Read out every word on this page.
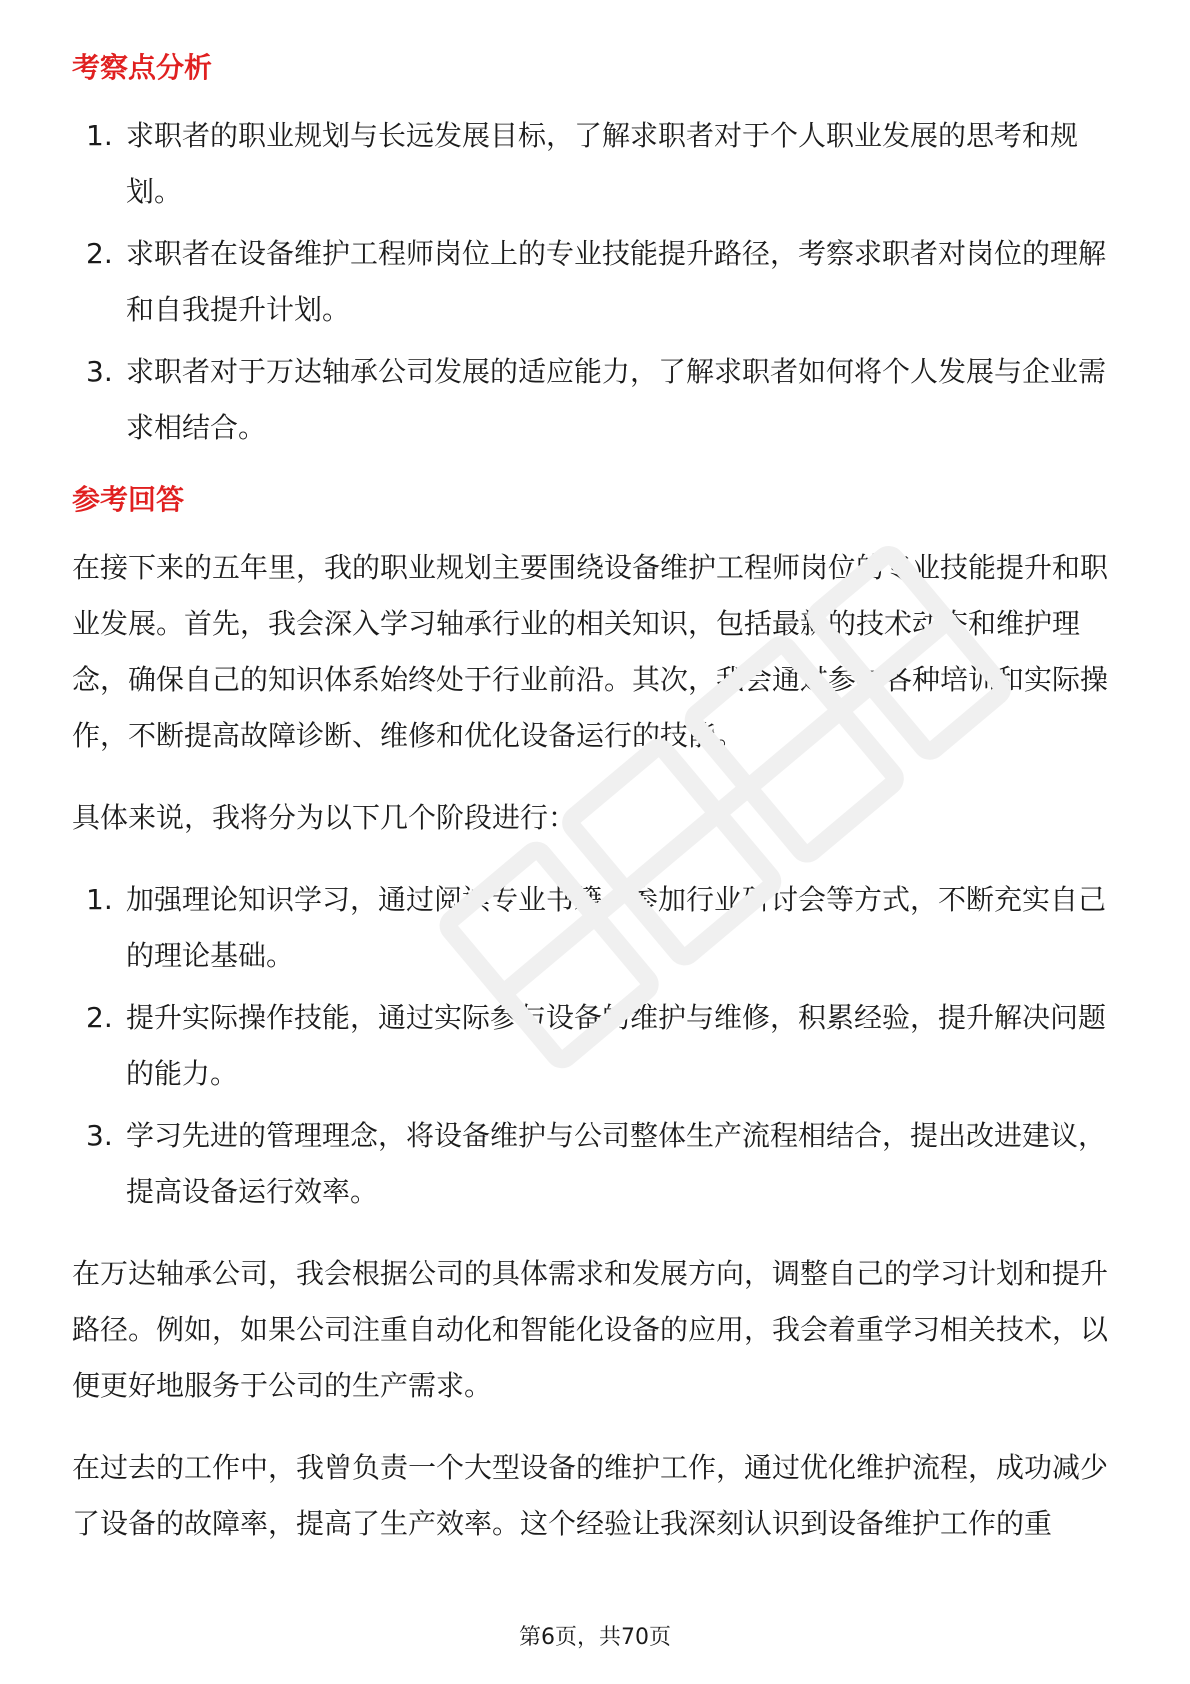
考察点分析
1. 求职者的职业规划与长远发展目标，了解求职者对于个人职业发展的思考和规划。
2. 求职者在设备维护工程师岗位上的专业技能提升路径，考察求职者对岗位的理解和自我提升计划。
3. 求职者对于万达轴承公司发展的适应能力，了解求职者如何将个人发展与企业需求相结合。
参考回答

在接下来的五年里，我的职业规划主要围绕设备维护工程师岗位的专业技能提升和职业发展。首先，我会深入学习轴承行业的相关知识，包括最新的技术动态和维护理念，确保自己的知识体系始终处于行业前沿。其次，我会通过参与各种培训和实际操作，不断提高故障诊断、维修和优化设备运行的技能。

具体来说，我将分为以下几个阶段进行：

1. 加强理论知识学习，通过阅读专业书籍、参加行业研讨会等方式，不断充实自己的理论基础。
2. 提升实际操作技能，通过实际参与设备的维护与维修，积累经验，提升解决问题的能力。
3. 学习先进的管理理念，将设备维护与公司整体生产流程相结合，提出改进建议，提高设备运行效率。

在万达轴承公司，我会根据公司的具体需求和发展方向，调整自己的学习计划和提升路径。例如，如果公司注重自动化和智能化设备的应用，我会着重学习相关技术，以便更好地服务于公司的生产需求。

在过去的工作中，我曾负责一个大型设备的维护工作，通过优化维护流程，成功减少了设备的故障率，提高了生产效率。这个经验让我深刻认识到设备维护工作的重

第6页，共70页
